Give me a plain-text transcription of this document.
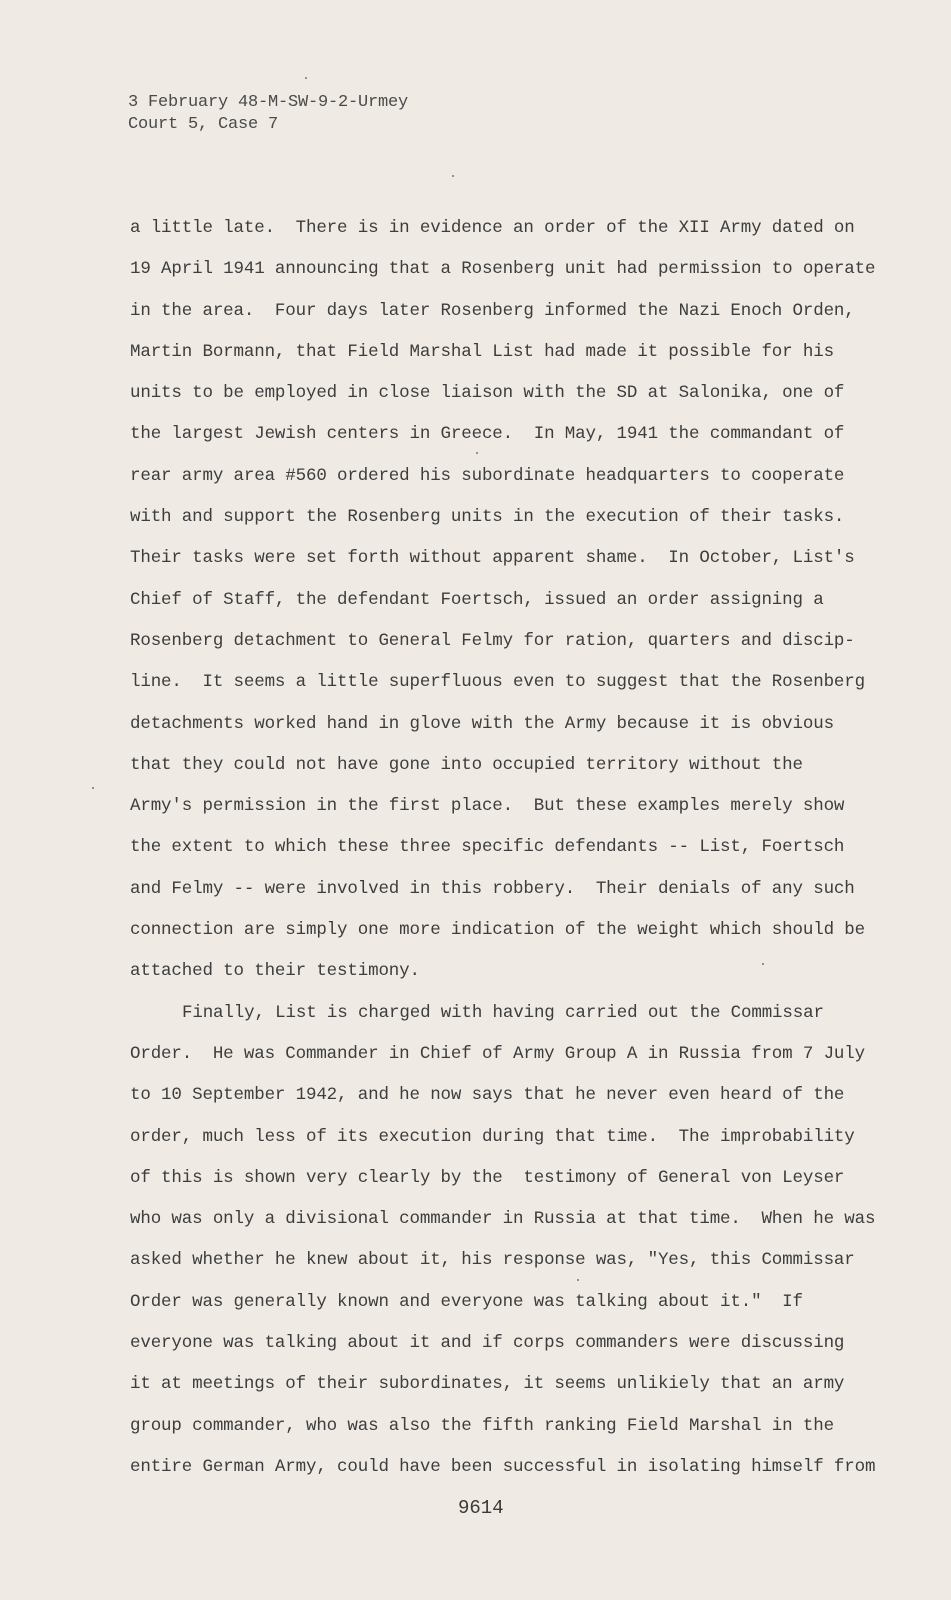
3 February 48-M-SW-9-2-Urmey
Court 5, Case 7
a little late.  There is in evidence an order of the XII Army dated on
19 April 1941 announcing that a Rosenberg unit had permission to operate
in the area.  Four days later Rosenberg informed the Nazi Enoch Orden,
Martin Bormann, that Field Marshal List had made it possible for his
units to be employed in close liaison with the SD at Salonika, one of
the largest Jewish centers in Greece.  In May, 1941 the commandant of
rear army area #560 ordered his subordinate headquarters to cooperate
with and support the Rosenberg units in the execution of their tasks.
Their tasks were set forth without apparent shame.  In October, List's
Chief of Staff, the defendant Foertsch, issued an order assigning a
Rosenberg detachment to General Felmy for ration, quarters and discip-
line.  It seems a little superfluous even to suggest that the Rosenberg
detachments worked hand in glove with the Army because it is obvious
that they could not have gone into occupied territory without the
Army's permission in the first place.  But these examples merely show
the extent to which these three specific defendants -- List, Foertsch
and Felmy -- were involved in this robbery.  Their denials of any such
connection are simply one more indication of the weight which should be
attached to their testimony.
Finally, List is charged with having carried out the Commissar
Order.  He was Commander in Chief of Army Group A in Russia from 7 July
to 10 September 1942, and he now says that he never even heard of the
order, much less of its execution during that time.  The improbability
of this is shown very clearly by the  testimony of General von Leyser
who was only a divisional commander in Russia at that time.  When he was
asked whether he knew about it, his response was, "Yes, this Commissar
Order was generally known and everyone was talking about it."  If
everyone was talking about it and if corps commanders were discussing
it at meetings of their subordinates, it seems unlikiely that an army
group commander, who was also the fifth ranking Field Marshal in the
entire German Army, could have been successful in isolating himself from
9614
